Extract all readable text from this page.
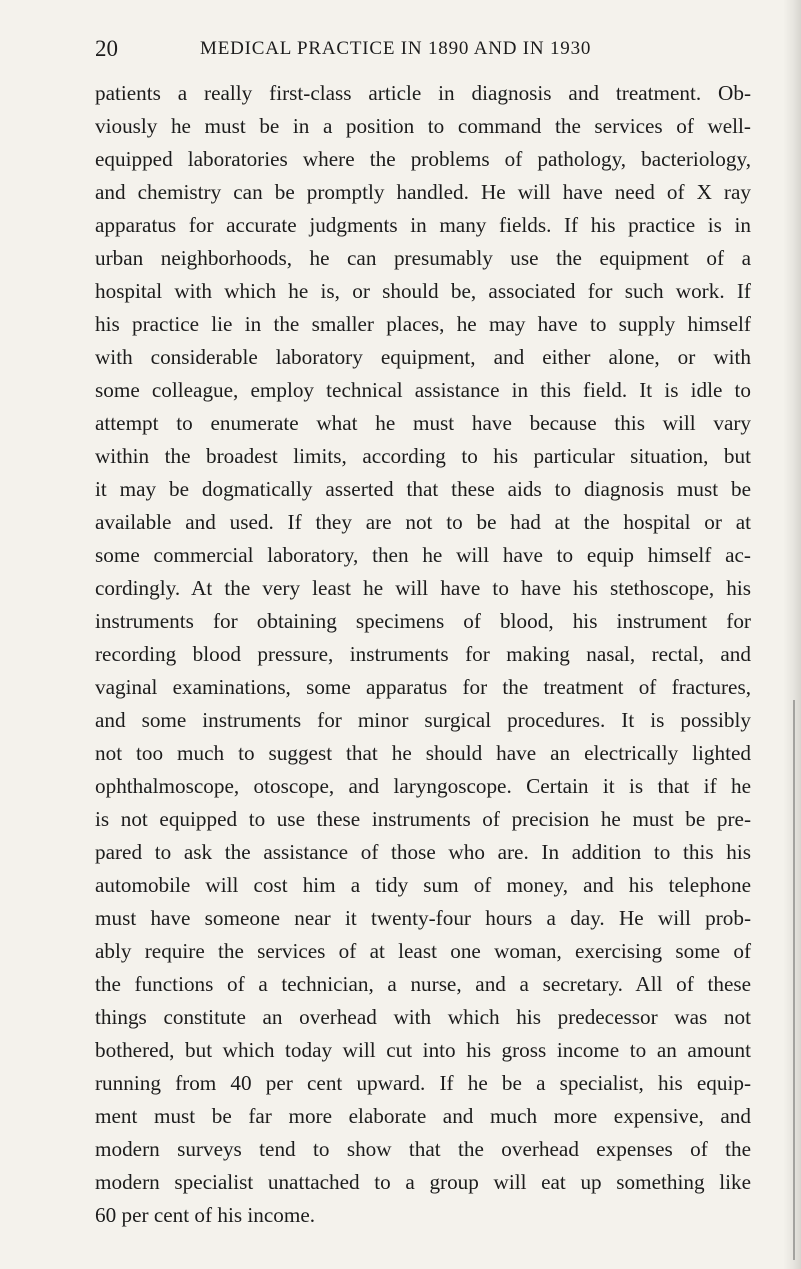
20	MEDICAL PRACTICE IN 1890 AND IN 1930
patients a really first-class article in diagnosis and treatment. Ob-
viously he must be in a position to command the services of well-
equipped laboratories where the problems of pathology, bacteriology,
and chemistry can be promptly handled. He will have need of X ray
apparatus for accurate judgments in many fields. If his practice is in
urban neighborhoods, he can presumably use the equipment of a
hospital with which he is, or should be, associated for such work. If
his practice lie in the smaller places, he may have to supply himself
with considerable laboratory equipment, and either alone, or with
some colleague, employ technical assistance in this field. It is idle to
attempt to enumerate what he must have because this will vary
within the broadest limits, according to his particular situation, but
it may be dogmatically asserted that these aids to diagnosis must be
available and used. If they are not to be had at the hospital or at
some commercial laboratory, then he will have to equip himself ac-
cordingly. At the very least he will have to have his stethoscope, his
instruments for obtaining specimens of blood, his instrument for
recording blood pressure, instruments for making nasal, rectal, and
vaginal examinations, some apparatus for the treatment of fractures,
and some instruments for minor surgical procedures. It is possibly
not too much to suggest that he should have an electrically lighted
ophthalmoscope, otoscope, and laryngoscope. Certain it is that if he
is not equipped to use these instruments of precision he must be pre-
pared to ask the assistance of those who are. In addition to this his
automobile will cost him a tidy sum of money, and his telephone
must have someone near it twenty-four hours a day. He will prob-
ably require the services of at least one woman, exercising some of
the functions of a technician, a nurse, and a secretary. All of these
things constitute an overhead with which his predecessor was not
bothered, but which today will cut into his gross income to an amount
running from 40 per cent upward. If he be a specialist, his equip-
ment must be far more elaborate and much more expensive, and
modern surveys tend to show that the overhead expenses of the
modern specialist unattached to a group will eat up something like
60 per cent of his income.
